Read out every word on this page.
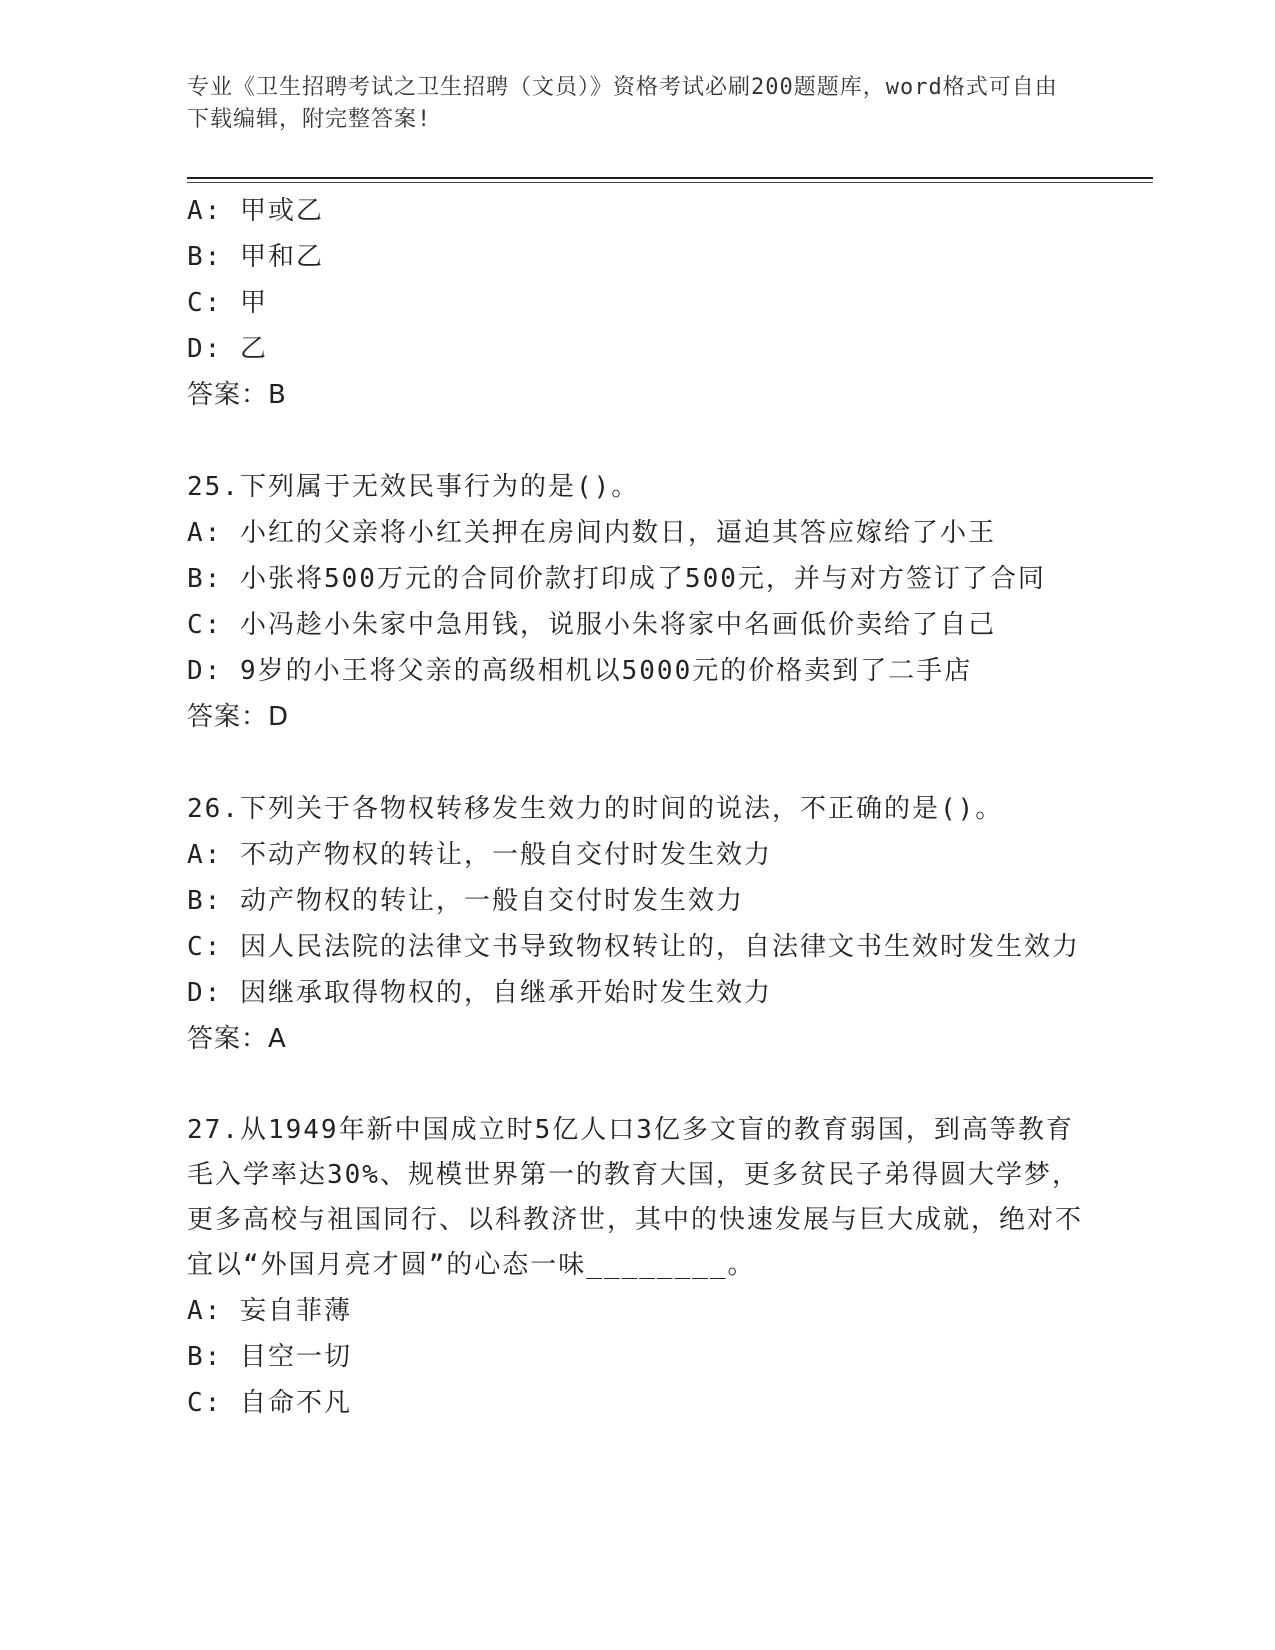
专业《卫生招聘考试之卫生招聘（文员）》资格考试必刷200题题库，word格式可自由下载编辑，附完整答案!

A: 甲或乙

B: 甲和乙

C: 甲

D: 乙

答案：B

25.下列属于无效民事行为的是()。

A: 小红的父亲将小红关押在房间内数日，逼迫其答应嫁给了小王

B: 小张将500万元的合同价款打印成了500元，并与对方签订了合同

C: 小冯趁小朱家中急用钱，说服小朱将家中名画低价卖给了自己

D: 9岁的小王将父亲的高级相机以5000元的价格卖到了二手店

答案：D

26.下列关于各物权转移发生效力的时间的说法，不正确的是()。

A: 不动产物权的转让，一般自交付时发生效力

B: 动产物权的转让，一般自交付时发生效力

C: 因人民法院的法律文书导致物权转让的，自法律文书生效时发生效力

D: 因继承取得物权的，自继承开始时发生效力

答案：A

27.从1949年新中国成立时5亿人口3亿多文盲的教育弱国，到高等教育毛入学率达30%、规模世界第一的教育大国，更多贫民子弟得圆大学梦，更多高校与祖国同行、以科教济世，其中的快速发展与巨大成就，绝对不宜以“外国月亮才圆”的心态一味________。

A: 妄自菲薄

B: 目空一切

C: 自命不凡
